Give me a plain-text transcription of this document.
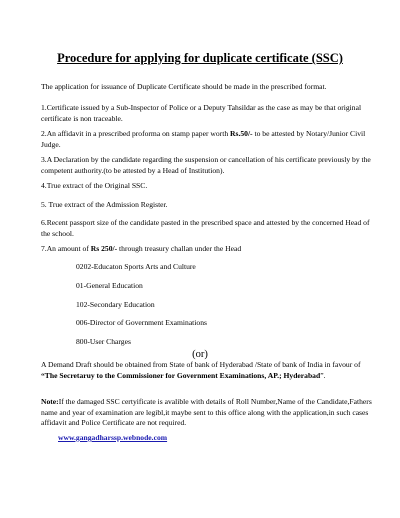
Procedure for applying for duplicate certificate (SSC)

The application for issuance of Duplicate Certificate should be made in the prescribed format.

1.Certificate issued by a Sub-Inspector of Police or a Deputy Tahsildar as the case as may be that original certificate is non traceable.

2.An affidavit in a prescribed proforma on stamp paper worth Rs.50/- to be attested by Notary/Junior Civil Judge.

3.A Declaration by the candidate regarding the suspension or cancellation of his certificate previously by the competent authority.(to be attested by a Head of Institution).

4.True extract of the Original SSC.

5. True extract of the Admission Register.

6.Recent passport size of the candidate pasted in the prescribed space and attested by the concerned Head of the school.

7.An amount of Rs 250/- through treasury challan under the Head

0202-Educaton Sports Arts and Culture

01-General Education

102-Secondary Education

006-Director of Government Examinations

800-User Charges

(or)

A Demand Draft should be obtained from State of bank of Hyderabad /State of bank of India in favour of “The Secretaruy to the Commissioner for Government Examinations, AP.; Hyderabad”.

Note:If the damaged SSC certyificate is avalible with details of Roll Number,Name of the Candidate,Fathers name and year of examination are legibl,it maybe sent to this office along with the application,in such cases affidavit and Police Certificate are not required.

www.gangadharssp.webnode.com
